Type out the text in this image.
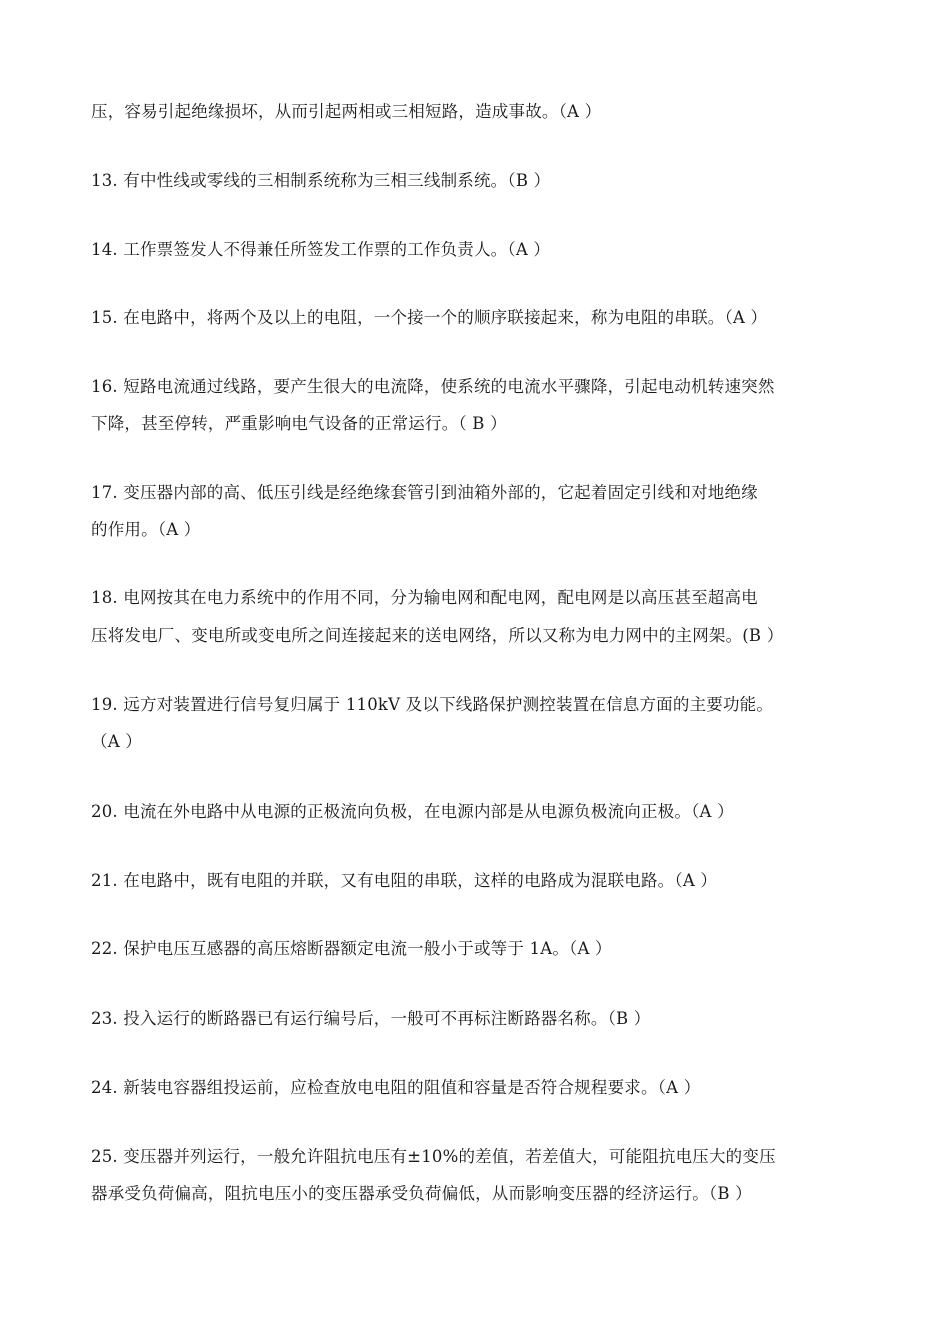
压，容易引起绝缘损坏，从而引起两相或三相短路，造成事故。（A ）
13. 有中性线或零线的三相制系统称为三相三线制系统。（B ）
14. 工作票签发人不得兼任所签发工作票的工作负责人。（A ）
15. 在电路中，将两个及以上的电阻，一个接一个的顺序联接起来，称为电阻的串联。（A ）
16. 短路电流通过线路，要产生很大的电流降，使系统的电流水平骤降，引起电动机转速突然
下降，甚至停转，严重影响电气设备的正常运行。（ B ）
17. 变压器内部的高、低压引线是经绝缘套管引到油箱外部的，它起着固定引线和对地绝缘
的作用。（A ）
18. 电网按其在电力系统中的作用不同，分为输电网和配电网，配电网是以高压甚至超高电
压将发电厂、变电所或变电所之间连接起来的送电网络，所以又称为电力网中的主网架。(B ）
19. 远方对装置进行信号复归属于 110kV 及以下线路保护测控装置在信息方面的主要功能。
（A ）
20. 电流在外电路中从电源的正极流向负极，在电源内部是从电源负极流向正极。（A ）
21. 在电路中，既有电阻的并联，又有电阻的串联，这样的电路成为混联电路。（A ）
22. 保护电压互感器的高压熔断器额定电流一般小于或等于 1A。（A ）
23. 投入运行的断路器已有运行编号后，一般可不再标注断路器名称。（B ）
24. 新装电容器组投运前，应检查放电电阻的阻值和容量是否符合规程要求。（A ）
25. 变压器并列运行，一般允许阻抗电压有±10%的差值，若差值大，可能阻抗电压大的变压
器承受负荷偏高，阻抗电压小的变压器承受负荷偏低，从而影响变压器的经济运行。（B ）
